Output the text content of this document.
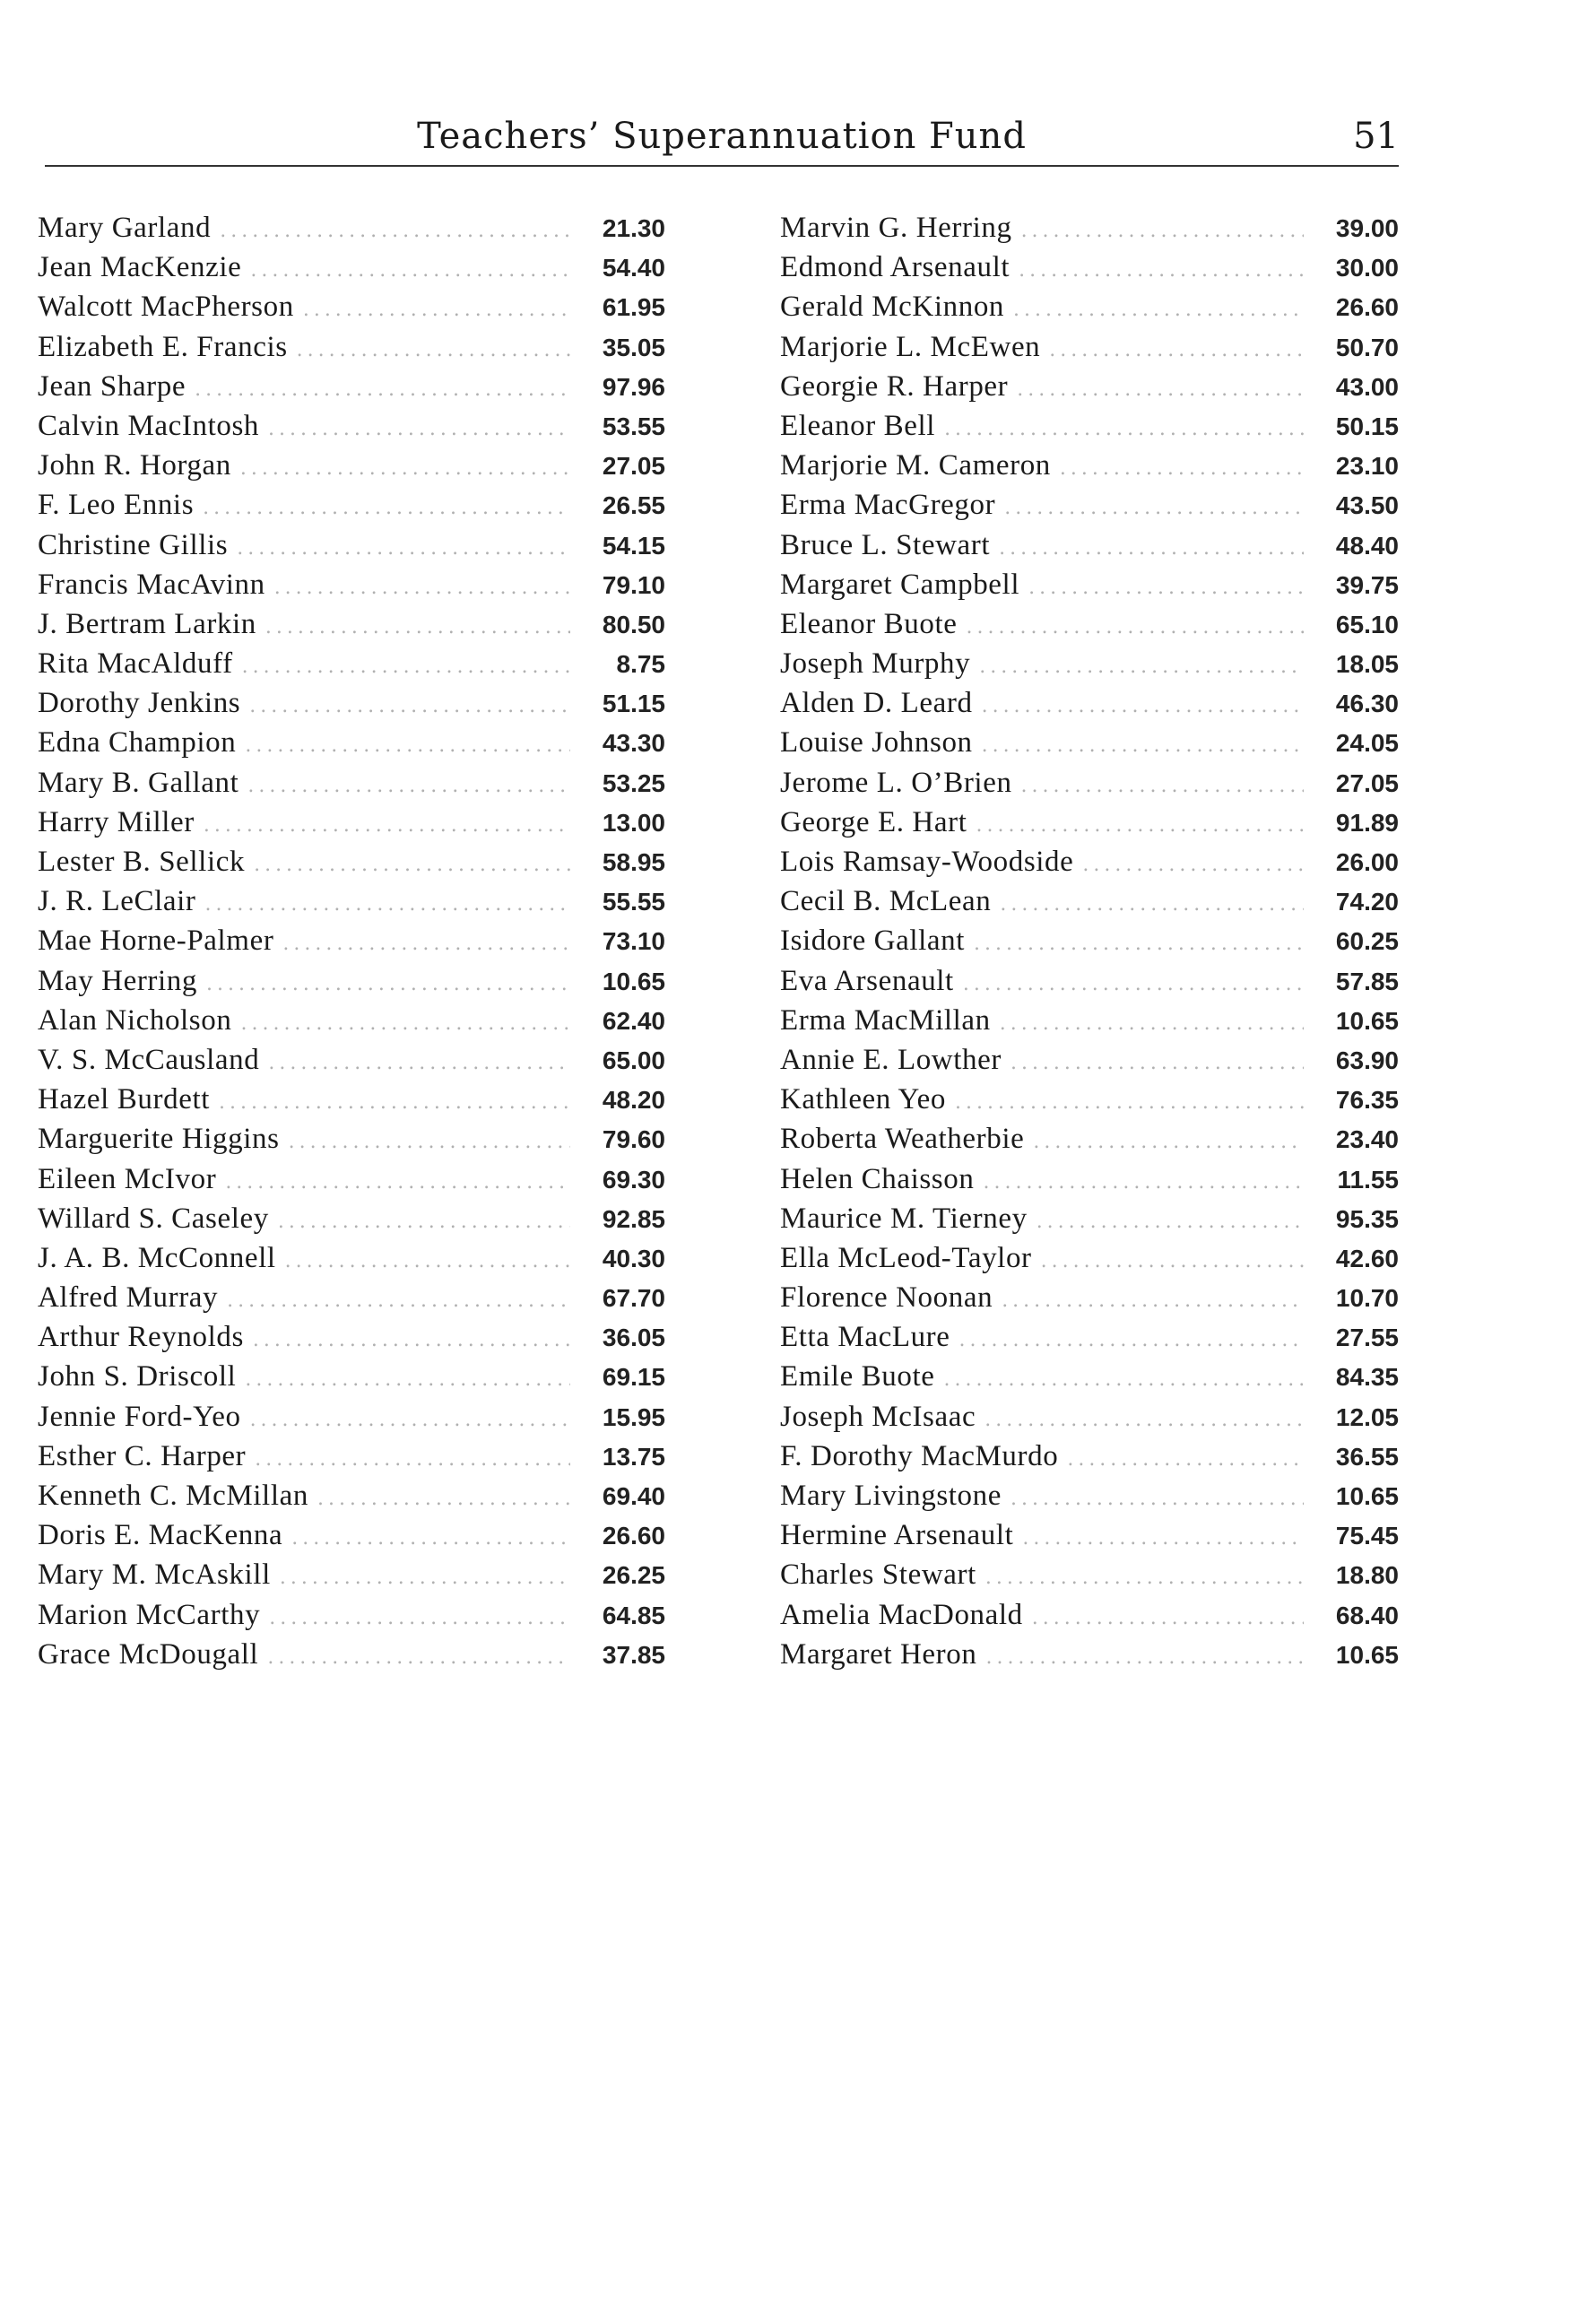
Teachers’ Superannuation Fund	51
Mary Garland .....	21.30
Jean MacKenzie .....	54.40
Walcott MacPherson .....	61.95
Elizabeth E. Francis .....	35.05
Jean Sharpe .....	97.96
Calvin MacIntosh .....	53.55
John R. Horgan .....	27.05
F. Leo Ennis .....	26.55
Christine Gillis .....	54.15
Francis MacAvinn .....	79.10
J. Bertram Larkin .....	80.50
Rita MacAlduff .....	8.75
Dorothy Jenkins .....	51.15
Edna Champion .....	43.30
Mary B. Gallant .....	53.25
Harry Miller .....	13.00
Lester B. Sellick .....	58.95
J. R. LeClair .....	55.55
Mae Horne-Palmer .....	73.10
May Herring .....	10.65
Alan Nicholson .....	62.40
V. S. McCausland .....	65.00
Hazel Burdett .....	48.20
Marguerite Higgins .....	79.60
Eileen McIvor .....	69.30
Willard S. Caseley .....	92.85
J. A. B. McConnell .....	40.30
Alfred Murray .....	67.70
Arthur Reynolds .....	36.05
John S. Driscoll .....	69.15
Jennie Ford-Yeo .....	15.95
Esther C. Harper .....	13.75
Kenneth C. McMillan .....	69.40
Doris E. MacKenna .....	26.60
Mary M. McAskill .....	26.25
Marion McCarthy .....	64.85
Grace McDougall .....	37.85
Marvin G. Herring .....	39.00
Edmond Arsenault .....	30.00
Gerald McKinnon .....	26.60
Marjorie L. McEwen .....	50.70
Georgie R. Harper .....	43.00
Eleanor Bell .....	50.15
Marjorie M. Cameron .....	23.10
Erma MacGregor .....	43.50
Bruce L. Stewart .....	48.40
Margaret Campbell .....	39.75
Eleanor Buote .....	65.10
Joseph Murphy .....	18.05
Alden D. Leard .....	46.30
Louise Johnson .....	24.05
Jerome L. O’Brien .....	27.05
George E. Hart .....	91.89
Lois Ramsay-Woodside .....	26.00
Cecil B. McLean .....	74.20
Isidore Gallant .....	60.25
Eva Arsenault .....	57.85
Erma MacMillan .....	10.65
Annie E. Lowther .....	63.90
Kathleen Yeo .....	76.35
Roberta Weatherbie .....	23.40
Helen Chaisson .....	11.55
Maurice M. Tierney .....	95.35
Ella McLeod-Taylor .....	42.60
Florence Noonan .....	10.70
Etta MacLure .....	27.55
Emile Buote .....	84.35
Joseph McIsaac .....	12.05
F. Dorothy MacMurdo .....	36.55
Mary Livingstone .....	10.65
Hermine Arsenault .....	75.45
Charles Stewart .....	18.80
Amelia MacDonald .....	68.40
Margaret Heron .....	10.65
